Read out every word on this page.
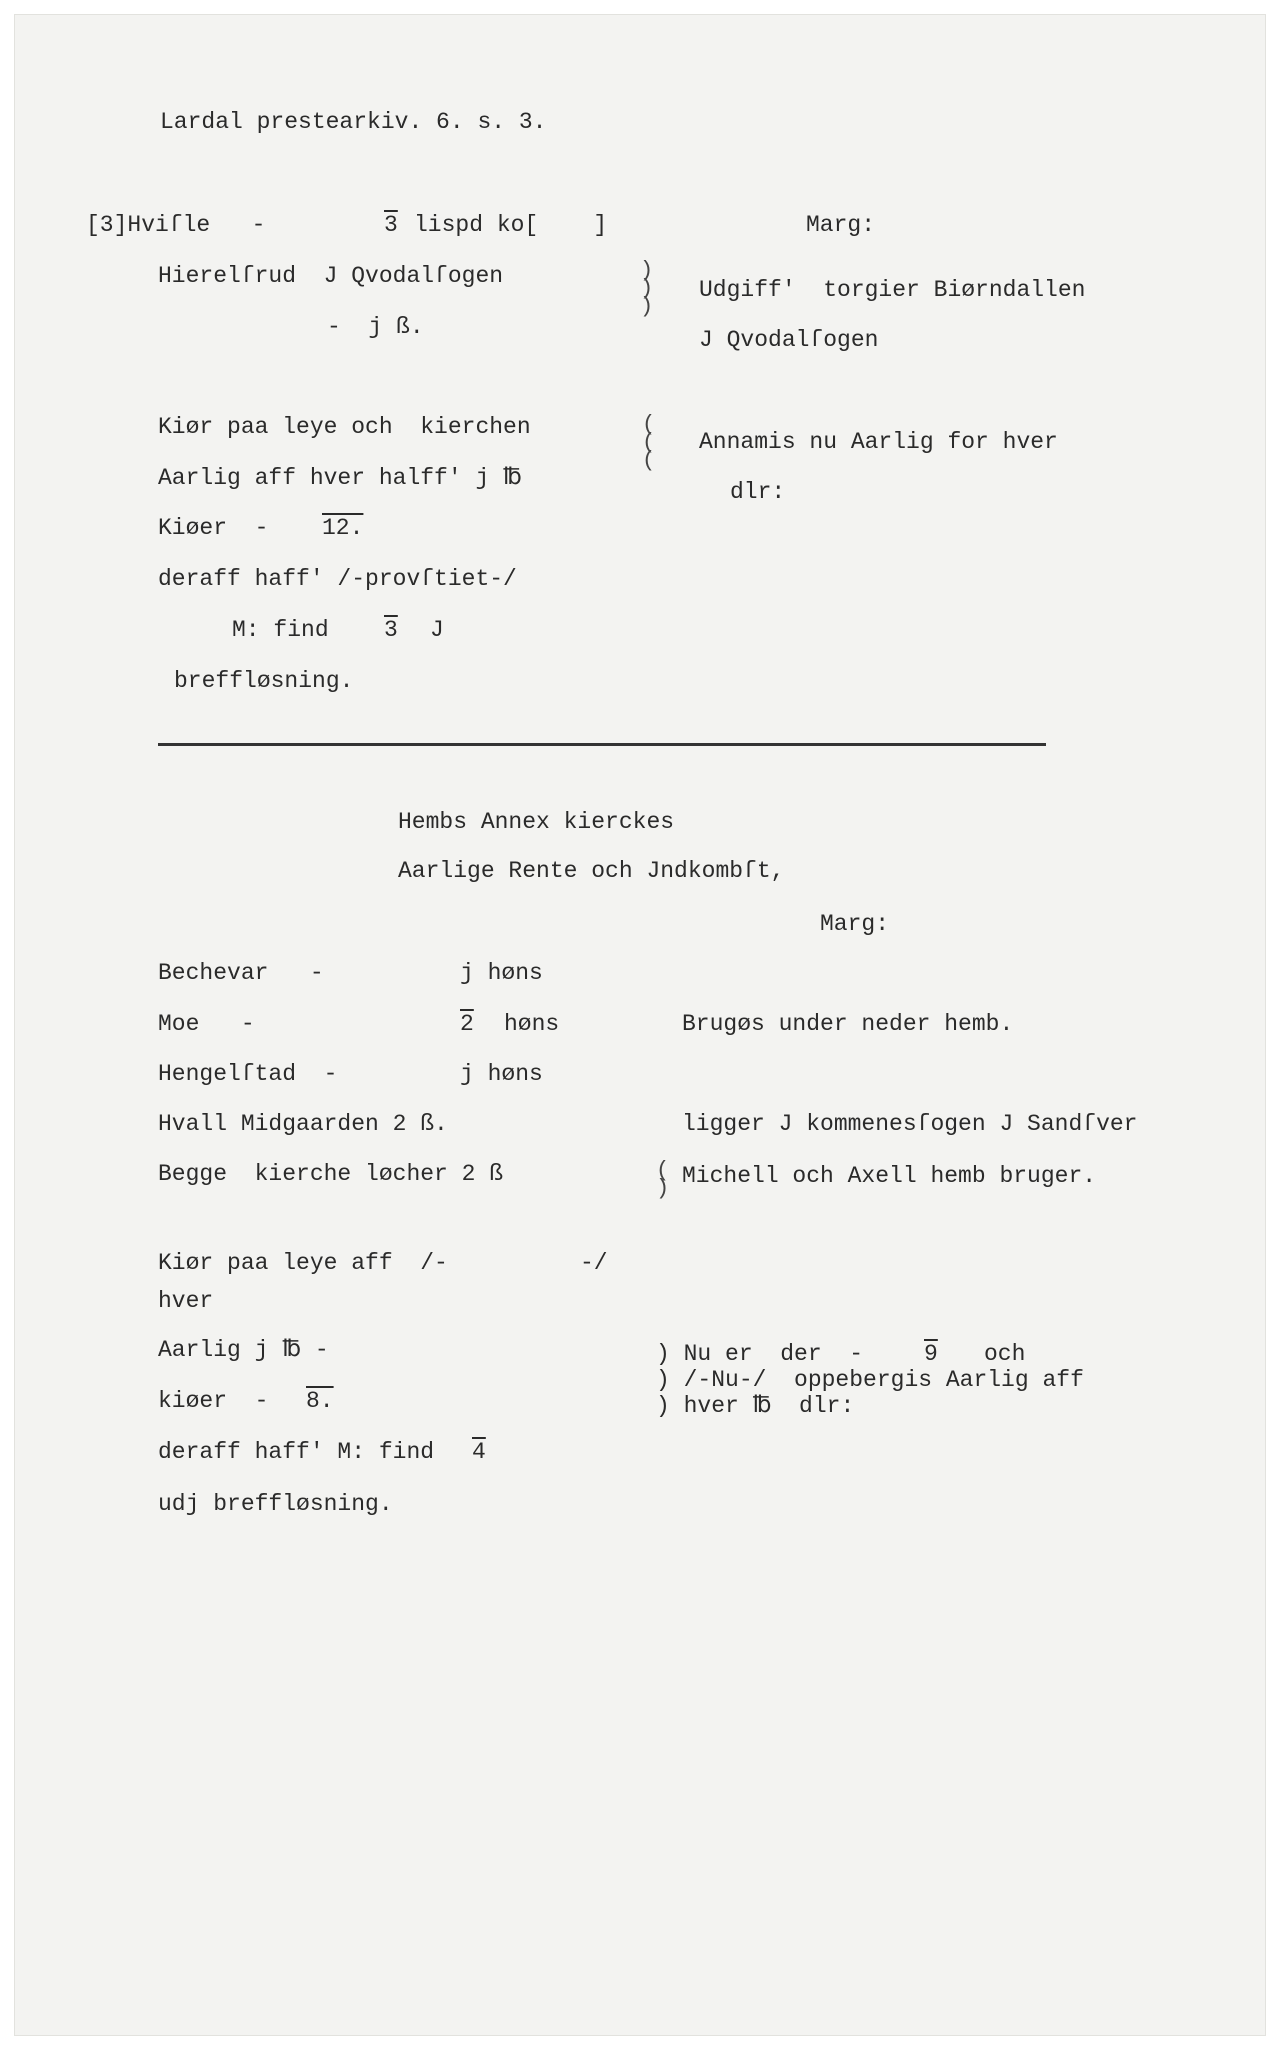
Lardal prestearkiv. 6. s. 3.
[3]Hviſle   -	3 lispd ko[    ]
Hierelſrud  J Qvodalſogen
-  j ß.
Kiør paa leye och  kierchen
Aarlig aff hver halff' j ℔
Kiøer  - 12.
deraff haff' /-provſtiet-/
M: find 3 J
breffløsning.
Marg:
)
)
)
Udgiff'  torgier Biørndallen
J Qvodalſogen
(
(
(
Annamis nu Aarlig for hver
dlr:
Hembs Annex kierckes
Aarlige Rente och Jndkombſt,
Marg:
Bechevar   -	j høns
Moe   -	2 høns	Brugøs under neder hemb.
Hengelſtad  -	j høns
Hvall Midgaarden 2 ß.	ligger J kommenesſogen J Sandſver
Begge  kierche løcher 2 ß	(
) Michell och Axell hemb bruger.
Kiør paa leye aff  /-	-/
hver
Aarlig j ℔ -
kiøer  - 8.
deraff haff' M: find 4
udj breffløsning.
) Nu er  der  -	9 och
) /-Nu-/  oppebergis Aarlig aff
) hver ℔  dlr:
